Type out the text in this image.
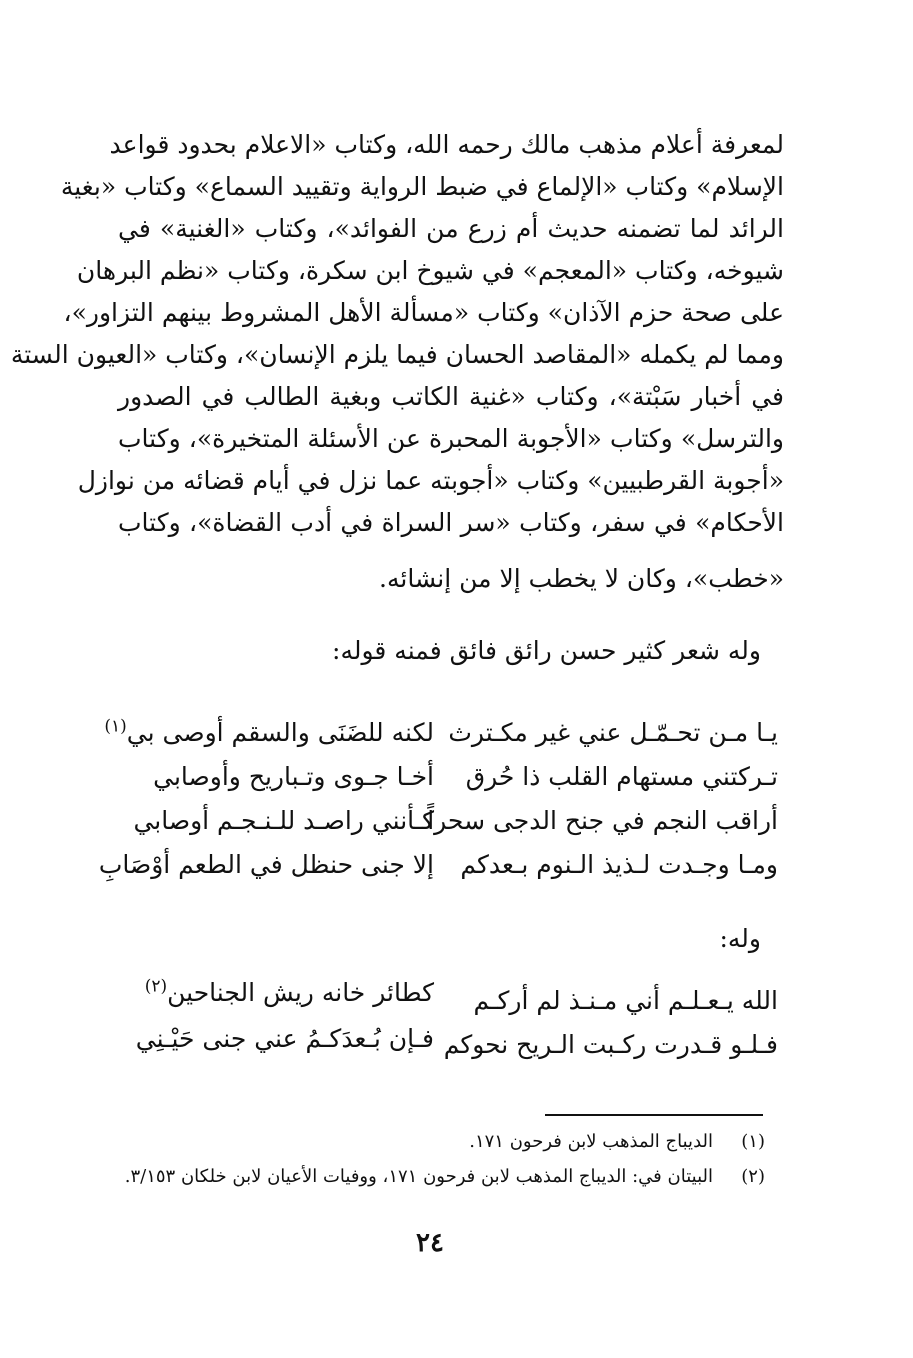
لمعرفة أعلام مذهب مالك رحمه الله، وكتاب «الاعلام بحدود قواعد
الإسلام» وكتاب «الإلماع في ضبط الرواية وتقييد السماع» وكتاب «بغية
الرائد لما تضمنه حديث أم زرع من الفوائد»، وكتاب «الغنية» في
شيوخه، وكتاب «المعجم» في شيوخ ابن سكرة، وكتاب «نظم البرهان
على صحة حزم الآذان» وكتاب «مسألة الأهل المشروط بينهم التزاور»،
ومما لم يكمله «المقاصد الحسان فيما يلزم الإنسان»، وكتاب «العيون الستة
في أخبار سَبْتة»، وكتاب «غنية الكاتب وبغية الطالب في الصدور
والترسل» وكتاب «الأجوبة المحبرة عن الأسئلة المتخيرة»، وكتاب
«أجوبة القرطبيين» وكتاب «أجوبته عما نزل في أيام قضائه من نوازل
الأحكام» في سفر، وكتاب «سر السراة في أدب القضاة»، وكتاب
«خطب»، وكان لا يخطب إلا من إنشائه.
وله شعر كثير حسن رائق فائق فمنه قوله:
يـا مـن تحـمّـل عني غير مكـترث
لكنه للضَنَى والسقم أوصى بي$^{(١)}$
تـركتني مستهام القلب ذا حُرق
أخـا جـوى وتـباريح وأوصابي
أراقب النجم في جنح الدجى سحراً
كـأنني راصـد للـنـجـم أوصابي
ومـا وجـدت لـذيذ الـنوم بـعدكم
إلا جنى حنظل في الطعم أوْصَابِ
وله:
الله يـعـلـم أني مـنـذ لم أركـم
كطائر خانه ريش الجناحين$^{(٢)}$
فـلـو قـدرت ركـبت الـريح نحوكم
فـإن بُـعدَكـمُ عني جنى حَيْـنِي
(١)الديباج المذهب لابن فرحون ١٧١.
(٢)البيتان في: الديباج المذهب لابن فرحون ١٧١، ووفيات الأعيان لابن خلكان ٣/١٥٣.
٢٤
